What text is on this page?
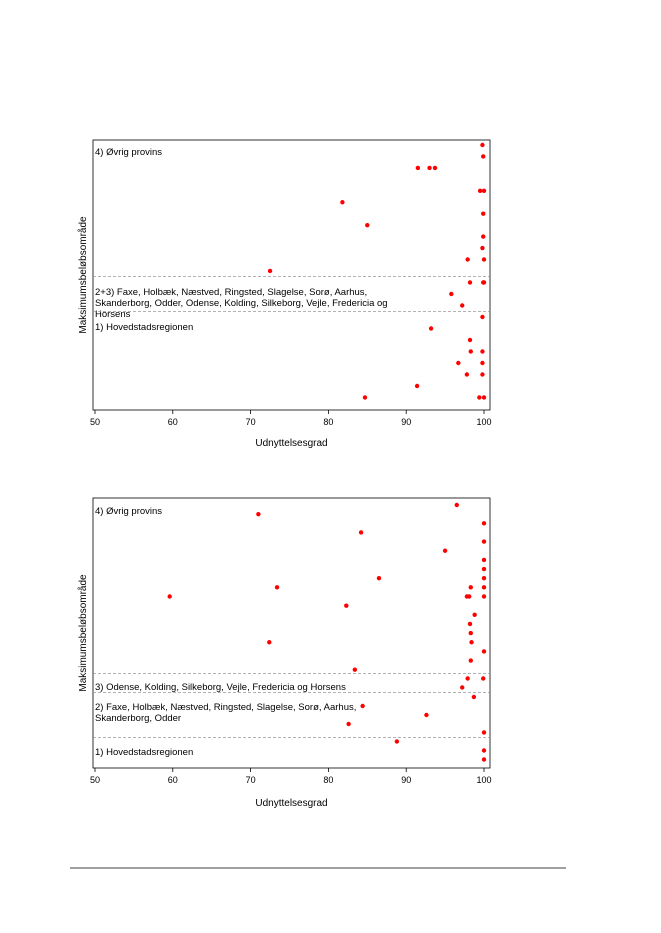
50	60	70	80	90	100
Udnyttelsesgrad
Maksimumsbeløbsområde
4) Øvrig provins
2+3) Faxe, Holbæk, Næstved, Ringsted, Slagelse, Sorø, Aarhus,
Skanderborg, Odder, Odense, Kolding, Silkeborg, Vejle, Fredericia og
Horsens
1) Hovedstadsregionen
50	60	70	80	90	100
Udnyttelsesgrad
Maksimumsbeløbsområde
4) Øvrig provins
3) Odense, Kolding, Silkeborg, Vejle, Fredericia og Horsens
2) Faxe, Holbæk, Næstved, Ringsted, Slagelse, Sorø, Aarhus,
Skanderborg, Odder
1) Hovedstadsregionen
